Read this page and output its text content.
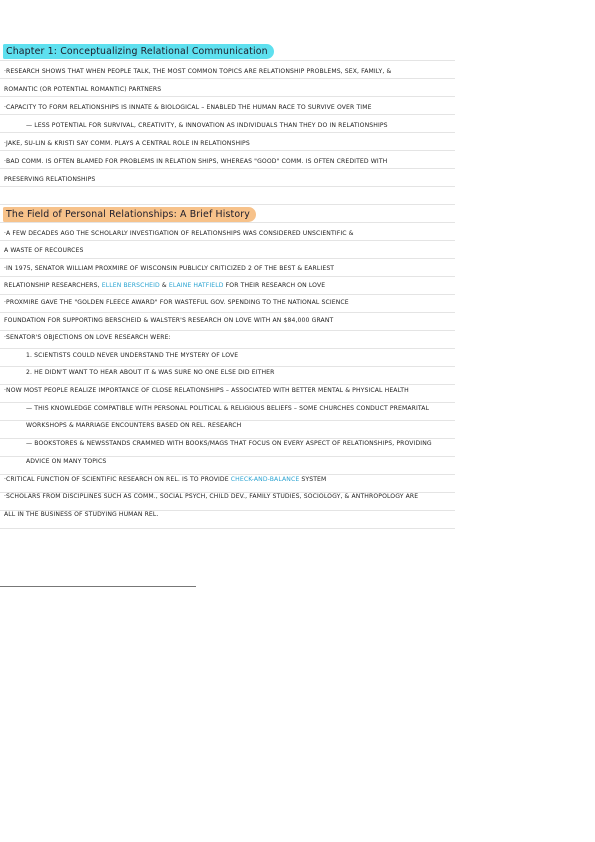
Chapter 1: Conceptualizing Relational Communication
·RESEARCH SHOWS THAT WHEN PEOPLE TALK, THE MOST COMMON TOPICS ARE RELATIONSHIP PROBLEMS, SEX, FAMILY, &
ROMANTIC (OR POTENTIAL ROMANTIC) PARTNERS
·CAPACITY TO FORM RELATIONSHIPS IS INNATE & BIOLOGICAL – ENABLED THE HUMAN RACE TO SURVIVE OVER TIME
— LESS POTENTIAL FOR SURVIVAL, CREATIVITY, & INNOVATION AS INDIVIDUALS THAN THEY DO IN RELATIONSHIPS
·JAKE, SU-LIN & KRISTI SAY COMM. PLAYS A CENTRAL ROLE IN RELATIONSHIPS
·BAD COMM. IS OFTEN BLAMED FOR PROBLEMS IN RELATION SHIPS, WHEREAS "GOOD" COMM. IS OFTEN CREDITED WITH
PRESERVING RELATIONSHIPS
The Field of Personal Relationships: A Brief History
·A FEW DECADES AGO THE SCHOLARLY INVESTIGATION OF RELATIONSHIPS WAS CONSIDERED UNSCIENTIFIC &
A WASTE OF RECOURCES
·IN 1975, SENATOR WILLIAM PROXMIRE OF WISCONSIN PUBLICLY CRITICIZED 2 OF THE BEST & EARLIEST
RELATIONSHIP RESEARCHERS, ELLEN BERSCHEID & ELAINE HATFIELD FOR THEIR RESEARCH ON LOVE
·PROXMIRE GAVE THE "GOLDEN FLEECE AWARD" FOR WASTEFUL GOV. SPENDING TO THE NATIONAL SCIENCE
FOUNDATION FOR SUPPORTING BERSCHEID & WALSTER'S RESEARCH ON LOVE WITH AN $84,000 GRANT
·SENATOR'S OBJECTIONS ON LOVE RESEARCH WERE:
1. SCIENTISTS COULD NEVER UNDERSTAND THE MYSTERY OF LOVE
2. HE DIDN'T WANT TO HEAR ABOUT IT & WAS SURE NO ONE ELSE DID EITHER
·NOW MOST PEOPLE REALIZE IMPORTANCE OF CLOSE RELATIONSHIPS – ASSOCIATED WITH BETTER MENTAL & PHYSICAL HEALTH
— THIS KNOWLEDGE COMPATIBLE WITH PERSONAL POLITICAL & RELIGIOUS BELIEFS – SOME CHURCHES CONDUCT PREMARITAL
WORKSHOPS & MARRIAGE ENCOUNTERS BASED ON REL. RESEARCH
— BOOKSTORES & NEWSSTANDS CRAMMED WITH BOOKS/MAGS THAT FOCUS ON EVERY ASPECT OF RELATIONSHIPS, PROVIDING
ADVICE ON MANY TOPICS
·CRITICAL FUNCTION OF SCIENTIFIC RESEARCH ON REL. IS TO PROVIDE CHECK-AND-BALANCE SYSTEM
·SCHOLARS FROM DISCIPLINES SUCH AS COMM., SOCIAL PSYCH, CHILD DEV., FAMILY STUDIES, SOCIOLOGY, & ANTHROPOLOGY ARE
ALL IN THE BUSINESS OF STUDYING HUMAN REL.
